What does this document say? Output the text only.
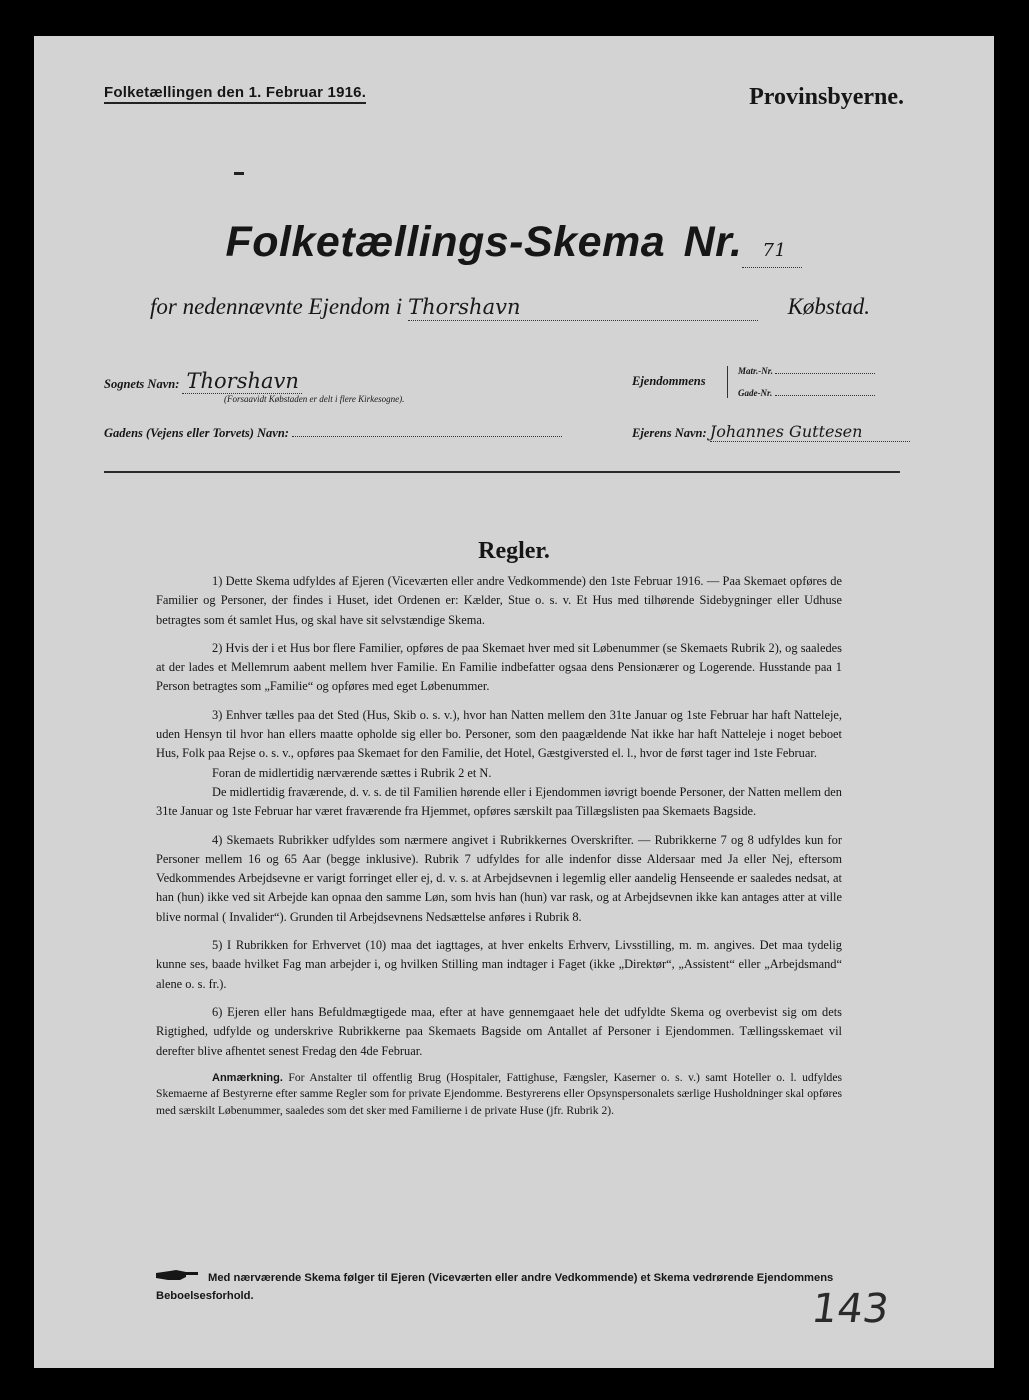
Folketællingen den 1. Februar 1916.	Provinsbyerne.
Folketællings-Skema Nr. 71
for nedennævnte Ejendom i Thorshavn	Købstad.
Sognets Navn: Thorshavn
(Forsaavidt Købstaden er delt i flere Kirkesogne).
Ejendommens
Matr.-Nr.
Gade-Nr.
Gadens (Vejens eller Torvets) Navn:	Ejerens Navn: Johannes Guttesen
Regler.

1) Dette Skema udfyldes af Ejeren (Viceværten eller andre Vedkommende) den 1ste Februar 1916. — Paa Skemaet opføres de Familier og Personer, der findes i Huset, idet Ordenen er: Kælder, Stue o. s. v. Et Hus med tilhørende Sidebygninger eller Udhuse betragtes som ét samlet Hus, og skal have sit selvstændige Skema.

2) Hvis der i et Hus bor flere Familier, opføres de paa Skemaet hver med sit Løbenummer (se Skemaets Rubrik 2), og saaledes at der lades et Mellemrum aabent mellem hver Familie. En Familie indbefatter ogsaa dens Pensionærer og Logerende. Husstande paa 1 Person betragtes som „Familie“ og opføres med eget Løbenummer.

3) Enhver tælles paa det Sted (Hus, Skib o. s. v.), hvor han Natten mellem den 31te Januar og 1ste Februar har haft Natteleje, uden Hensyn til hvor han ellers maatte opholde sig eller bo. Personer, som den paagældende Nat ikke har haft Natteleje i noget beboet Hus, Folk paa Rejse o. s. v., opføres paa Skemaet for den Familie, det Hotel, Gæstgiversted el. l., hvor de først tager ind 1ste Februar.

Foran de midlertidig nærværende sættes i Rubrik 2 et N.

De midlertidig fraværende, d. v. s. de til Familien hørende eller i Ejendommen iøvrigt boende Personer, der Natten mellem den 31te Januar og 1ste Februar har været fraværende fra Hjemmet, opføres særskilt paa Tillægslisten paa Skemaets Bagside.

4) Skemaets Rubrikker udfyldes som nærmere angivet i Rubrikkernes Overskrifter. — Rubrikkerne 7 og 8 udfyldes kun for Personer mellem 16 og 65 Aar (begge inklusive). Rubrik 7 udfyldes for alle indenfor disse Aldersaar med Ja eller Nej, eftersom Vedkommendes Arbejdsevne er varigt forringet eller ej, d. v. s. at Arbejdsevnen i legemlig eller aandelig Henseende er saaledes nedsat, at han (hun) ikke ved sit Arbejde kan opnaa den samme Løn, som hvis han (hun) var rask, og at Arbejdsevnen ikke kan antages atter at ville blive normal ( Invalider“). Grunden til Arbejdsevnens Nedsættelse anføres i Rubrik 8.

5) I Rubrikken for Erhvervet (10) maa det iagttages, at hver enkelts Erhverv, Livsstilling, m. m. angives. Det maa tydelig kunne ses, baade hvilket Fag man arbejder i, og hvilken Stilling man indtager i Faget (ikke „Direktør“, „Assistent“ eller „Arbejdsmand“ alene o. s. fr.).

6) Ejeren eller hans Befuldmægtigede maa, efter at have gennemgaaet hele det udfyldte Skema og overbevist sig om dets Rigtighed, udfylde og underskrive Rubrikkerne paa Skemaets Bagside om Antallet af Personer i Ejendommen. Tællingsskemaet vil derefter blive afhentet senest Fredag den 4de Februar.

Anmærkning. For Anstalter til offentlig Brug (Hospitaler, Fattighuse, Fængsler, Kaserner o. s. v.) samt Hoteller o. l. udfyldes Skemaerne af Bestyrerne efter samme Regler som for private Ejendomme. Bestyrerens eller Opsynspersonalets særlige Husholdninger skal opføres med særskilt Løbenummer, saaledes som det sker med Familierne i de private Huse (jfr. Rubrik 2).

Med nærværende Skema følger til Ejeren (Viceværten eller andre Vedkommende) et Skema vedrørende Ejendommens Beboelsesforhold.	143
